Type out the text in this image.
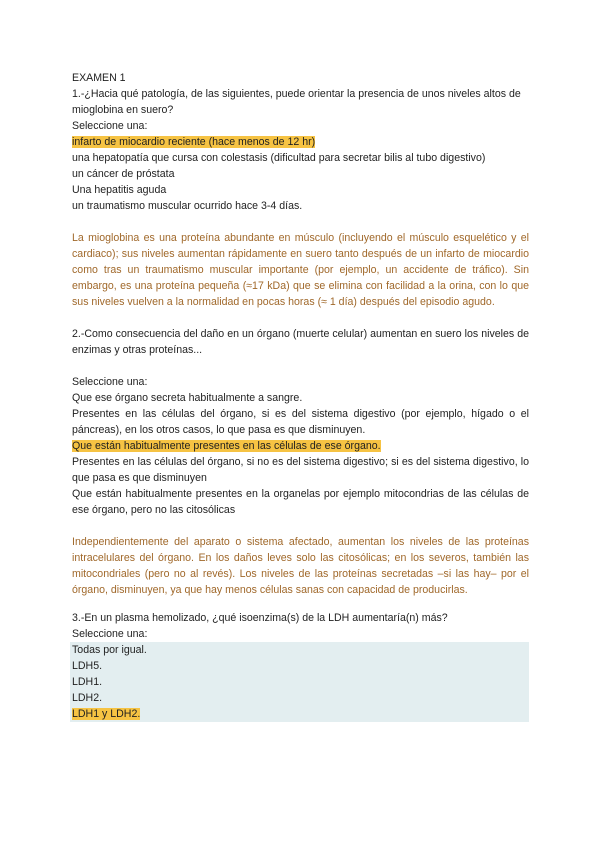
EXAMEN 1
1.-¿Hacia qué patología, de las siguientes, puede orientar la presencia de unos niveles altos de mioglobina en suero?
Seleccione una:
infarto de miocardio reciente (hace menos de 12 hr)
una hepatopatía que cursa con colestasis (dificultad para secretar bilis al tubo digestivo)
un cáncer de próstata
Una hepatitis aguda
un traumatismo muscular ocurrido hace 3-4 días.
La mioglobina es una proteína abundante en músculo (incluyendo el músculo esquelético y el cardiaco); sus niveles aumentan rápidamente en suero tanto después de un infarto de miocardio como tras un traumatismo muscular importante (por ejemplo, un accidente de tráfico). Sin embargo, es una proteína pequeña (≈17 kDa) que se elimina con facilidad a la orina, con lo que sus niveles vuelven a la normalidad en pocas horas (≈ 1 día) después del episodio agudo.
2.-Como consecuencia del daño en un órgano (muerte celular) aumentan en suero los niveles de enzimas y otras proteínas...
Seleccione una:
Que ese órgano secreta habitualmente a sangre.
Presentes en las células del órgano, si es del sistema digestivo (por ejemplo, hígado o el páncreas), en los otros casos, lo que pasa es que disminuyen.
Que están habitualmente presentes en las células de ese órgano.
Presentes en las células del órgano, si no es del sistema digestivo; si es del sistema digestivo, lo que pasa es que disminuyen
Que están habitualmente presentes en la organelas por ejemplo mitocondrias de las células de ese órgano, pero no las citosólicas
Independientemente del aparato o sistema afectado, aumentan los niveles de las proteínas intracelulares del órgano. En los daños leves solo las citosólicas; en los severos, también las mitocondriales (pero no al revés). Los niveles de las proteínas secretadas –si las hay– por el órgano, disminuyen, ya que hay menos células sanas con capacidad de producirlas.
3.-En un plasma hemolizado, ¿qué isoenzima(s) de la LDH aumentaría(n) más?
Seleccione una:
Todas por igual.
LDH5.
LDH1.
LDH2.
LDH1 y LDH2.
